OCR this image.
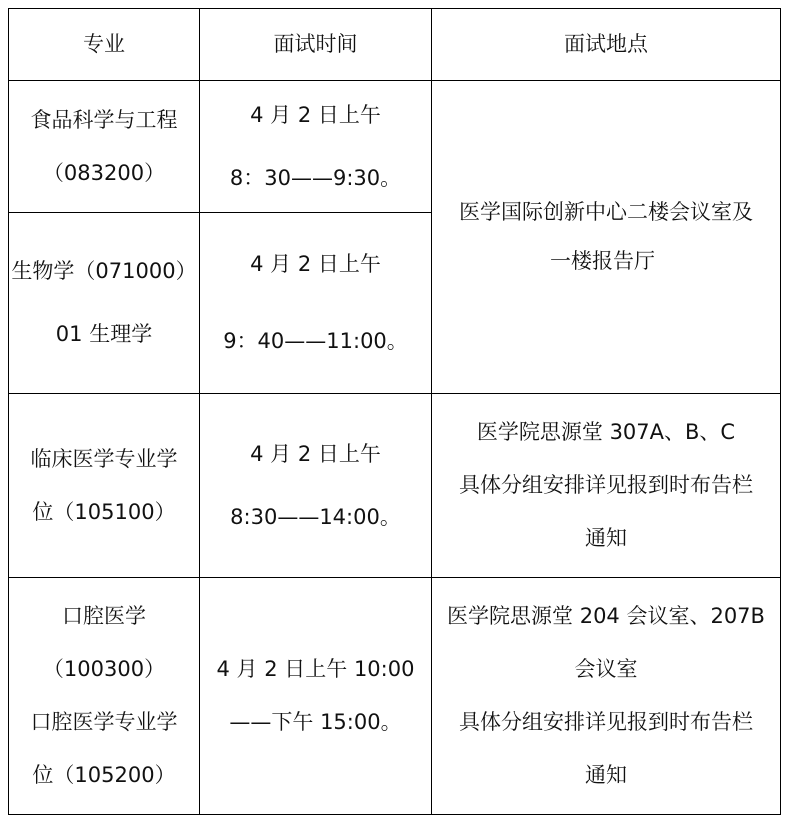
专业	面试时间	面试地点
食品科学与工程
（083200）
4 月 2 日上午
8：30——9:30。
生物学（071000）
01 生理学
4 月 2 日上午
9：40——11:00。
医学国际创新中心二楼会议室及
一楼报告厅
临床医学专业学
位（105100）
4 月 2 日上午
8:30——14:00。
医学院思源堂 307A、B、C
具体分组安排详见报到时布告栏
通知
口腔医学
（100300）
口腔医学专业学
位（105200）
4 月 2 日上午 10:00
——下午 15:00。
医学院思源堂 204 会议室、207B
会议室
具体分组安排详见报到时布告栏
通知
